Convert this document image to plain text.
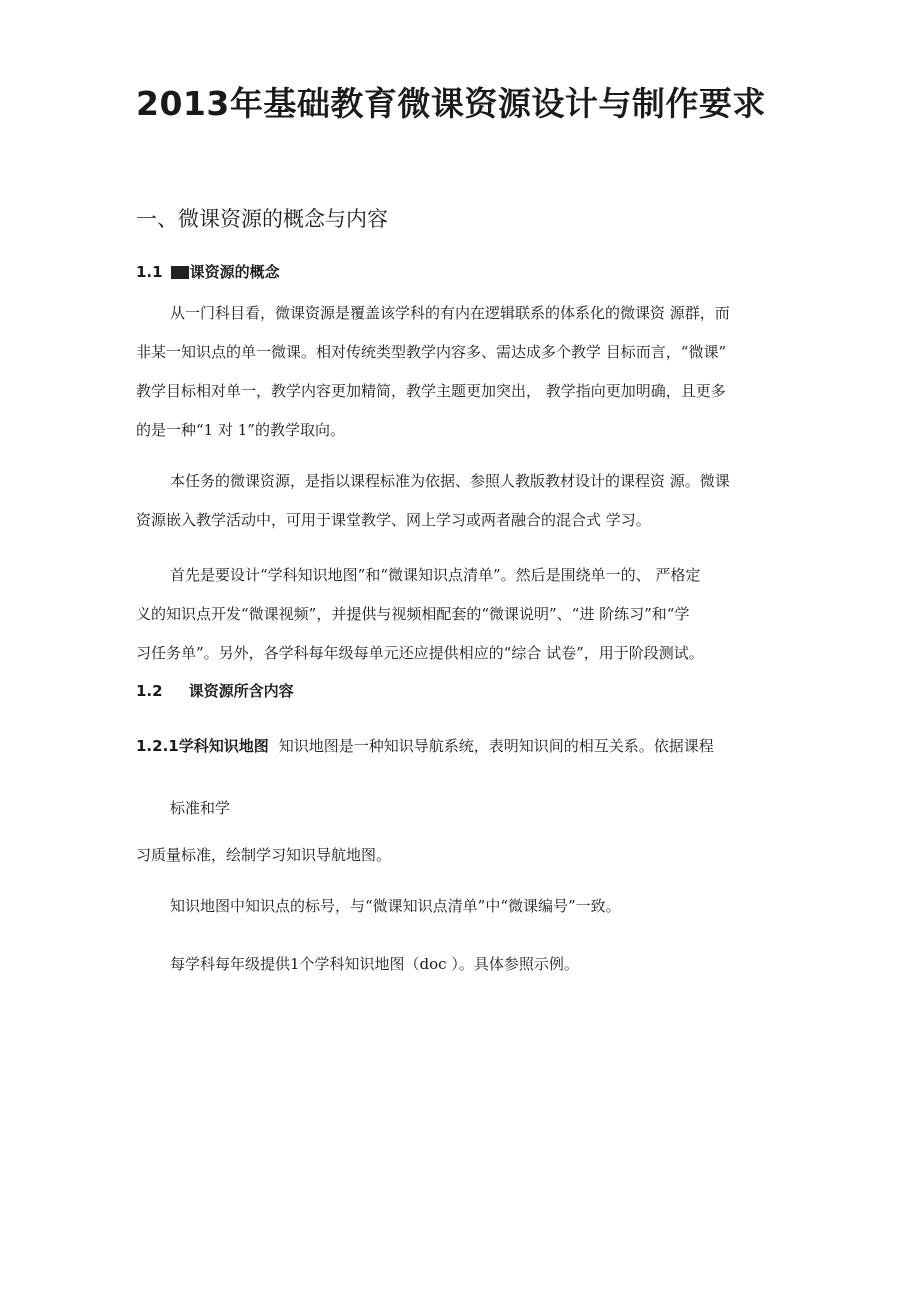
2013年基础教育微课资源设计与制作要求
一、微课资源的概念与内容
1.1 课资源的概念
从一门科目看，微课资源是覆盖该学科的有内在逻辑联系的体系化的微课资 源群，而
非某一知识点的单一微课。相对传统类型教学内容多、需达成多个教学 目标而言，“微课”
教学目标相对单一，教学内容更加精简，教学主题更加突出， 教学指向更加明确，且更多
的是一种“1 对 1”的教学取向。
本任务的微课资源，是指以课程标准为依据、参照人教版教材设计的课程资 源。微课
资源嵌入教学活动中，可用于课堂教学、网上学习或两者融合的混合式 学习。
首先是要设计“学科知识地图”和“微课知识点清单”。然后是围绕单一的、 严格定
义的知识点开发“微课视频”，并提供与视频相配套的“微课说明”、“进 阶练习”和“学
习任务单”。另外，各学科每年级每单元还应提供相应的“综合 试卷”，用于阶段测试。
1.2 课资源所含内容
1.2.1学科知识地图 知识地图是一种知识导航系统，表明知识间的相互关系。依据课程
标准和学
习质量标准，绘制学习知识导航地图。
知识地图中知识点的标号，与“微课知识点清单”中“微课编号”一致。
每学科每年级提供1个学科知识地图（doc ）。具体参照示例。
